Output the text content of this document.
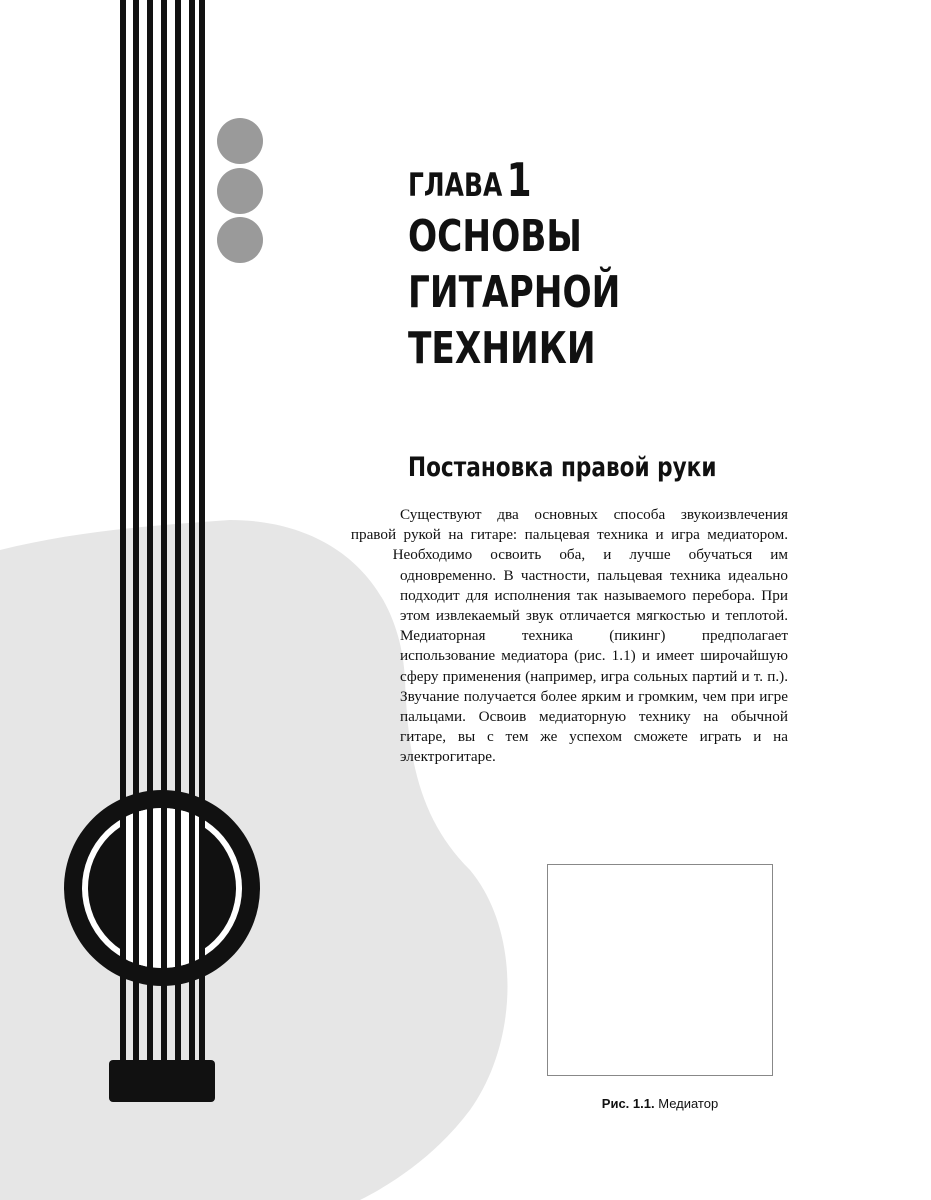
ГЛАВА 1
ОСНОВЫ ГИТАРНОЙ
ТЕХНИКИ
Постановка правой руки
Существуют два основных способа звукоизвлечения правой рукой на гитаре: пальцевая техника и игра медиатором. Необходимо освоить оба, и лучше обучаться им одновременно. В частности, пальцевая техника идеально подходит для исполнения так называемого перебора. При этом извлекаемый звук отличается мягкостью и теплотой. Медиаторная техника (пикинг) предполагает использование медиатора (рис. 1.1) и имеет широчайшую сферу применения (например, игра сольных партий и т. п.). Звучание получается более ярким и громким, чем при игре пальцами. Освоив медиаторную технику на обычной гитаре, вы с тем же успехом сможете играть и на электрогитаре.
Рис. 1.1. Медиатор
